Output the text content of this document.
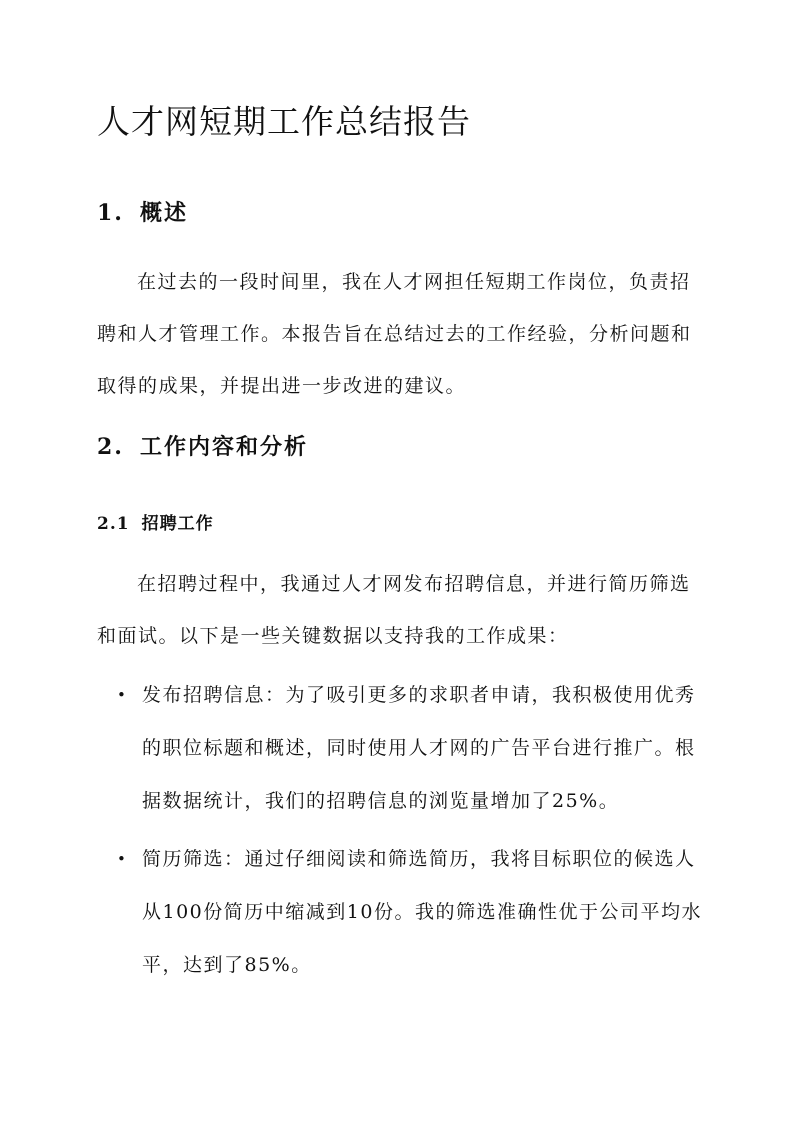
人才网短期工作总结报告
1. 概述

在过去的一段时间里，我在人才网担任短期工作岗位，负责招聘和人才管理工作。本报告旨在总结过去的工作经验，分析问题和取得的成果，并提出进一步改进的建议。

2. 工作内容和分析
2.1 招聘工作

在招聘过程中，我通过人才网发布招聘信息，并进行简历筛选和面试。以下是一些关键数据以支持我的工作成果：

• 发布招聘信息：为了吸引更多的求职者申请，我积极使用优秀的职位标题和概述，同时使用人才网的广告平台进行推广。根据数据统计，我们的招聘信息的浏览量增加了25%。
• 简历筛选：通过仔细阅读和筛选简历，我将目标职位的候选人从100份简历中缩减到10份。我的筛选准确性优于公司平均水平，达到了85%。
